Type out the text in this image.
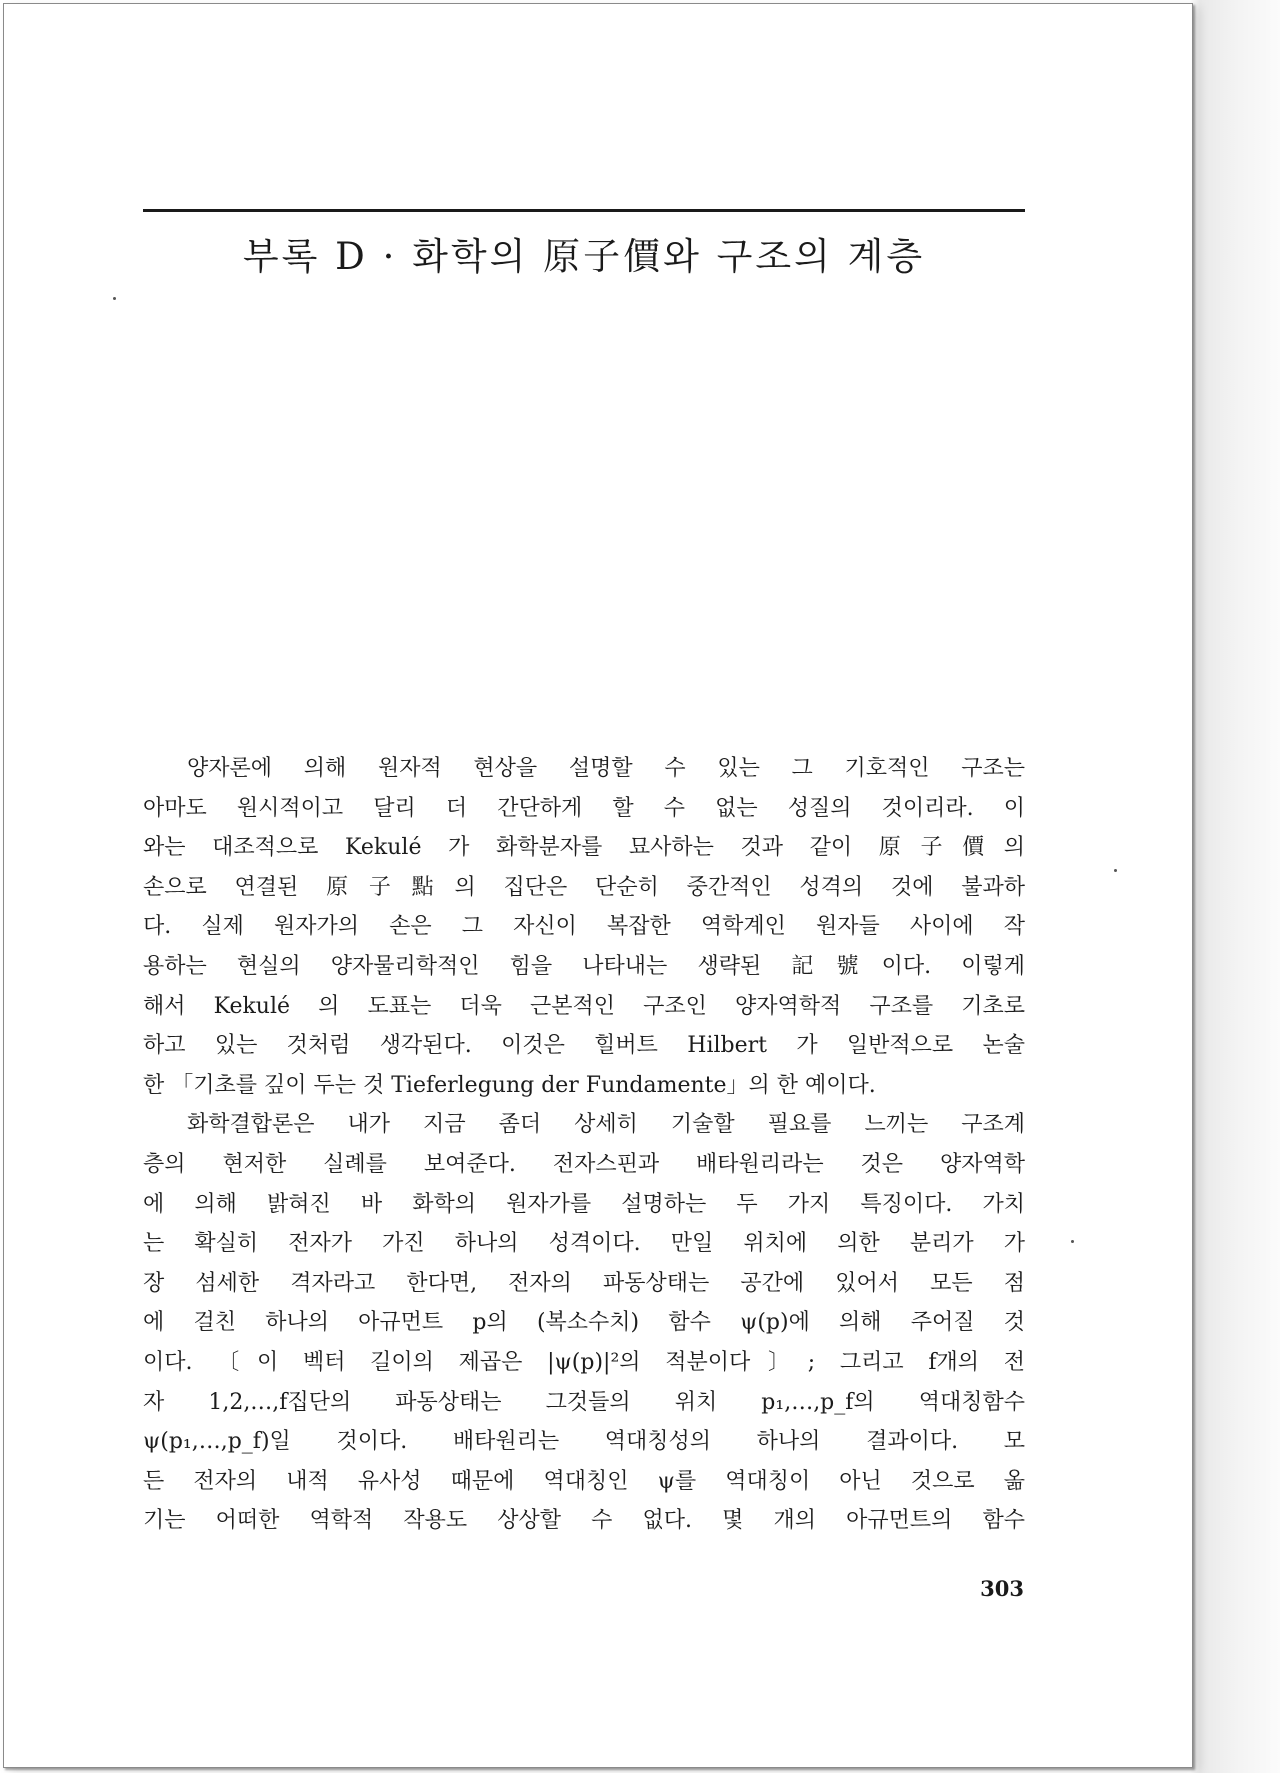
부록 D · 화학의 原子價와 구조의 계층
양자론에 의해 원자적 현상을 설명할 수 있는 그 기호적인 구조는
아마도 원시적이고 달리 더 간단하게 할 수 없는 성질의 것이리라. 이
와는 대조적으로 Kekulé 가 화학분자를 묘사하는 것과 같이 原子價의
손으로 연결된 原子點의 집단은 단순히 중간적인 성격의 것에 불과하
다. 실제 원자가의 손은 그 자신이 복잡한 역학계인 원자들 사이에 작
용하는 현실의 양자물리학적인 힘을 나타내는 생략된 記號이다. 이렇게
해서 Kekulé 의 도표는 더욱 근본적인 구조인 양자역학적 구조를 기초로
하고 있는 것처럼 생각된다. 이것은 힐버트 Hilbert 가 일반적으로 논술
한 「기초를 깊이 두는 것 Tieferlegung der Fundamente」의 한 예이다.
화학결합론은 내가 지금 좀더 상세히 기술할 필요를 느끼는 구조계
층의 현저한 실례를 보여준다. 전자스핀과 배타원리라는 것은 양자역학
에 의해 밝혀진 바 화학의 원자가를 설명하는 두 가지 특징이다. 가치
는 확실히 전자가 가진 하나의 성격이다. 만일 위치에 의한 분리가 가
장 섬세한 격자라고 한다면, 전자의 파동상태는 공간에 있어서 모든 점
에 걸친 하나의 아규먼트 p의 (복소수치) 함수 ψ(p)에 의해 주어질 것
이다. 〔이 벡터 길이의 제곱은 |ψ(p)|²의 적분이다〕; 그리고 f개의 전
자 1,2,…,f집단의 파동상태는 그것들의 위치 p₁,…,p_f의 역대칭함수
ψ(p₁,…,p_f)일 것이다. 배타원리는 역대칭성의 하나의 결과이다. 모
든 전자의 내적 유사성 때문에 역대칭인 ψ를 역대칭이 아닌 것으로 옮
기는 어떠한 역학적 작용도 상상할 수 없다. 몇 개의 아규먼트의 함수
303
